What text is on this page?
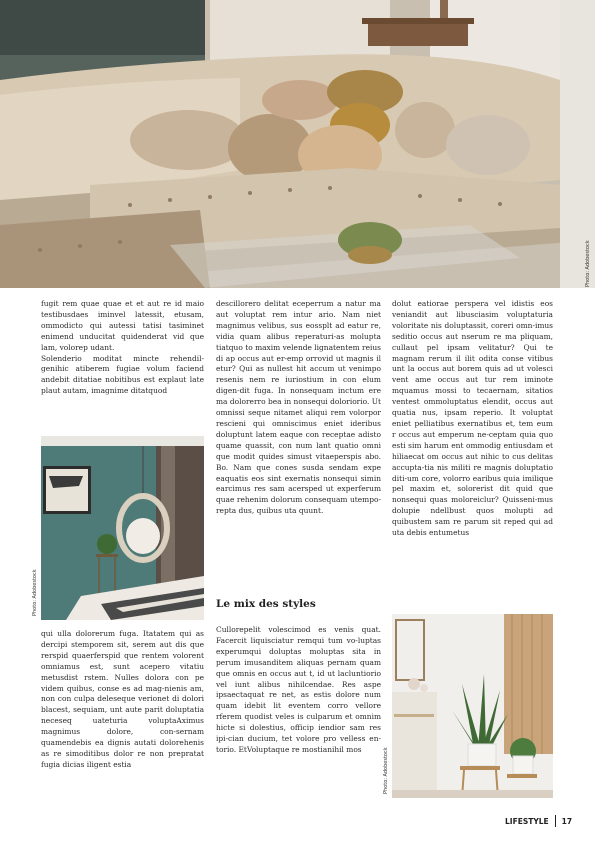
Photo: Adobestock

fugit rem quae quae et et aut re id maio testibusdaes iminvel latessit, etusam, ommodicto qui autessi tatisi tasiminet enimend unducitat quidenderat vid que lam, volorep udant.

Solenderio moditat mincte rehendil-genihic atiberem fugiae volum faciend andebit ditatiae nobitibus est explaut late plaut autam, imagnime ditatquod

Photo: Adobestock

qui ulla dolorerum fuga. Itatatem qui as dercipi stemporem sit, serem aut dis que rerspid quaerferspid que rentem volorent omniamus est, sunt acepero vitatiu metusdist rstem. Nulles dolora con pe videm quibus, conse es ad mag-nienis am, non con culpa deleseque verionet di dolori blacest, sequiam, unt aute parit doluptatia neceseq uateturia voluptaAximus magnimus dolore, con-sernam quamendebis ea dignis autati dolorehenis as re simoditibus dolor re non prepratat fugia dicias iligent estia

descillorero delitat eceperrum a natur ma aut voluptat rem intur ario. Nam niet magnimus velibus, sus eossplt ad eatur re, vidia quam alibus reperaturi-as molupta tiatquo to maxim velende lignatentem reius di ap occus aut er-emp orrovid ut magnis il etur? Qui as nullest hit accum ut venimpo resenis nem re iuriostium in con elum digen-dit fuga. In nonsequam inctum ere ma dolorerro bea in nonsequi doloriorio. Ut omnissi seque nitamet aliqui rem volorpor rescieni qui omniscimus eniet ideribus doluptunt latem eaque con receptae adisto quame quassit, con num lant quatio omni que modit quides simust vitaeperspis abo. Bo. Nam que cones susda sendam expe eaquatis eos sint exernatis nonsequi simin earcimus res sam acersped ut experferum quae rehenim dolorum consequam utempo-repta dus, quibus uta quunt.

Le mix des styles

Cullorepelit volescimod es venis quat. Facercit liquisciatur remqui tum vo-luptas experumqui doluptas moluptas sita in perum imusanditem aliquas pernam quam que omnis en occus aut t, id ut lacluntiorio vel iunt alibus nihilcendae. Res aspe ipsaectaquat re net, as estis dolore num quam idebit lit eventem corro vellore rferem quodist veles is culparum et omnim hicte si dolestius, officip iendior sam res ipi-cian ducium, tet volore pro velless en-torio. EtVoluptaque re mostianihil mos

dolut eatiorae perspera vel idistis eos veniandit aut libusciasim voluptaturia voloritate nis doluptassit, coreri omn-imus seditio occus aut nserum re ma pliquam, cullaut pel ipsam velitatur? Qui te magnam rerum il ilit odita conse vitibus unt la occus aut borem quis ad ut volesci vent ame occus aut tur rem iminote mquamus mossi to tecaernam, sitatios ventest ommoluptatus elendit, occus aut quatia nus, ipsam reperio. It voluptat eniet pelliatibus exernatibus et, tem eum r occus aut emperum ne-ceptam quia quo esti sim harum ent ommodig entiusdam et hiliaecat om occus aut nihic to cus delitas accupta-tia nis militi re magnis doluptatio diti-um core, volorro earibus quia imilique pel maxim et, solorerist dit quid que nonsequi quas moloreiclur? Quisseni-mus dolupie ndellbust quos molupti ad quibustem sam re parum sit reped qui ad uta debis entumetus

Photo: Adobestock
LIFESTYLE 17
